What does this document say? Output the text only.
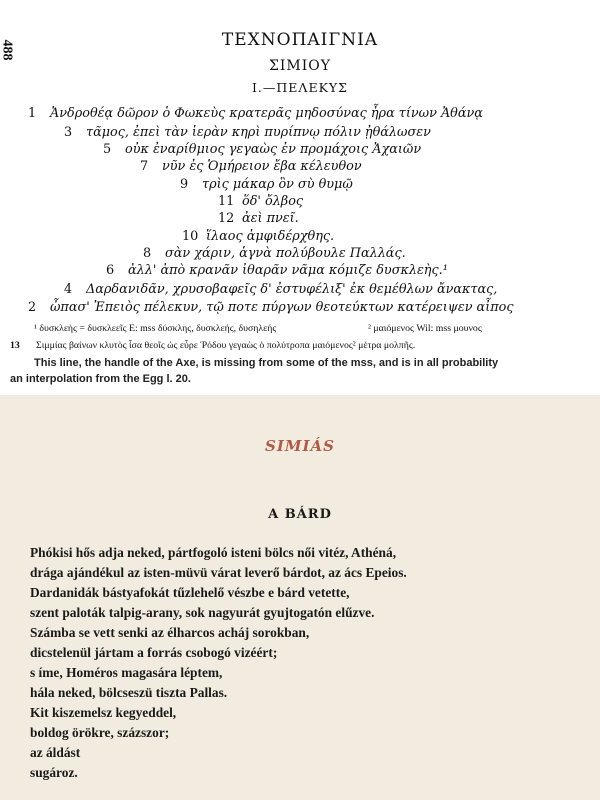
488	ΤΕΧΝΟΠΑΙΓΝΙΑ
ΣΙΜΙΟΥ
I.—ΠΕΛΕΚΥΣ
1 Ἀνδροθέᾳ δῶρον ὁ Φωκεὺς κρατερᾶς μηδοσύνας ἦρα τίνων Ἀθάνᾳ
3 τᾶμος, ἐπεὶ τὰν ἱερὰν κηρὶ πυρίπνῳ πόλιν ᾐθάλωσεν
5 οὐκ ἐναρίθμιος γεγαὼς ἐν προμάχοις Ἀχαιῶν
7 νῦν ἐς Ὁμήρειον ἔβα κέλευθον
9 τρὶς μάκαρ ὃν σὺ θυμῷ
11 ὅδ' ὄλβος
12 ἀεὶ πνεῖ.
10 ἵλαος ἀμφιδέρχθης.
8 σὰν χάριν, ἁγνὰ πολύβουλε Παλλάς.
6 ἀλλ' ἀπὸ κρανᾶν ἰθαρᾶν νᾶμα κόμιζε δυσκλεὴς.¹
4 Δαρδανιδᾶν, χρυσοβαφεῖς δ' ἐστυφέλιξ' ἐκ θεμέθλων ἄνακτας,
2 ὦπασ' Ἐπειὸς πέλεκυν, τῷ ποτε πύργων θεοτεύκτων κατέρειψεν αἶπος
¹ δυσκλεὴς = δυσκλεεῖς E: mss δύσκλης, δυσκλεής, δυσηλεής	² μαιόμενος Wil: mss μουνος
13 Σιμμίας βαίνων κλυτὸς ἶσα θεοῖς ὡς εὗρε Ῥόδου γεγαὼς ὁ πολύτροπα μαιόμενος² μέτρα μολπῆς.
This line, the handle of the Axe, is missing from some of the mss, and is in all probability
an interpolation from the Egg l. 20.
SIMIÁS
A BÁRD
Phókisi hős adja neked, pártfogoló isteni bölcs női vitéz, Athéná,
drága ajándékul az isten-müvü várat leverő bárdot, az ács Epeios.
Dardanidák bástyafokát tűzlehelő vészbe e bárd vetette,
szent paloták talpig-arany, sok nagyurát gyujtogatón elűzve.
Számba se vett senki az élharcos acháj sorokban,
dicstelenül jártam a forrás csobogó vizéért;
s íme, Homéros magasára léptem,
hála neked, bölcseszü tiszta Pallas.
Kit kiszemelsz kegyeddel,
boldog örökre, százszor;
az áldást
sugároz.
